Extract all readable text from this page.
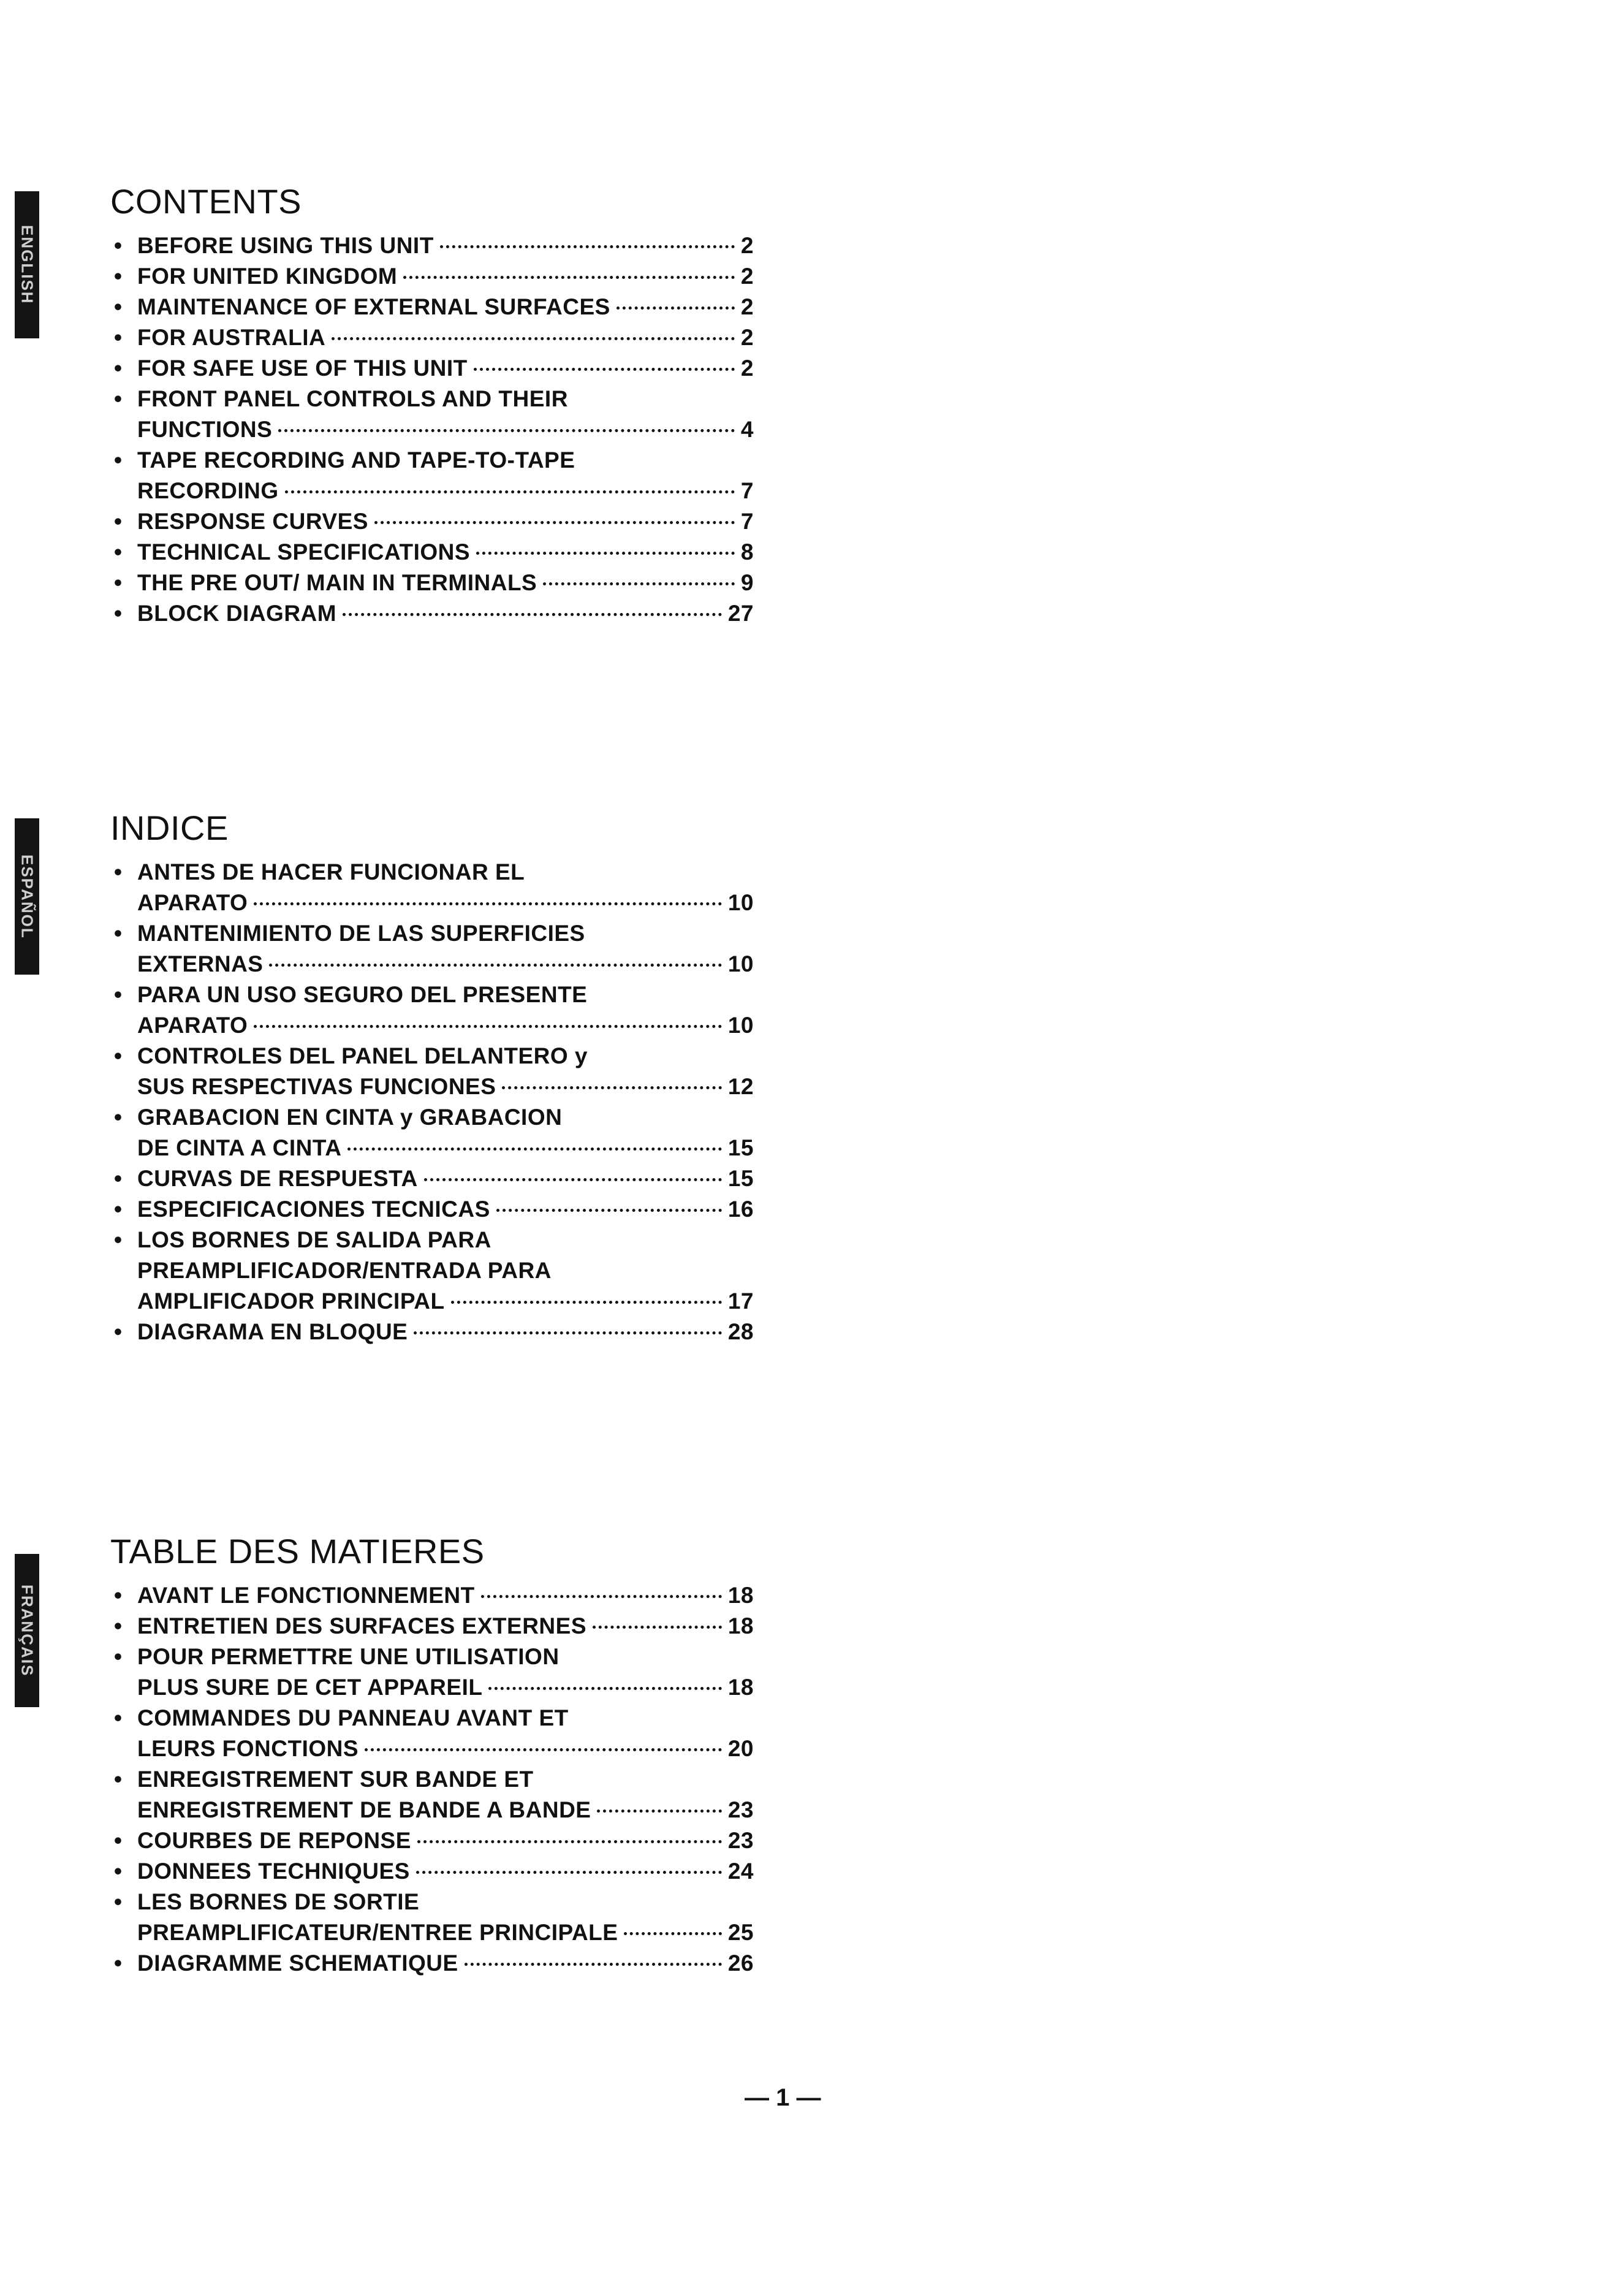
ENGLISH
ESPAÑOL
FRANÇAIS
CONTENTS
• BEFORE USING THIS UNIT	2
• FOR UNITED KINGDOM	2
• MAINTENANCE OF EXTERNAL SURFACES	2
• FOR AUSTRALIA	2
• FOR SAFE USE OF THIS UNIT	2
• FRONT PANEL CONTROLS AND THEIR
FUNCTIONS	4
• TAPE RECORDING AND TAPE-TO-TAPE
RECORDING	7
• RESPONSE CURVES	7
• TECHNICAL SPECIFICATIONS	8
• THE PRE OUT/ MAIN IN TERMINALS	9
• BLOCK DIAGRAM	27
INDICE
• ANTES DE HACER FUNCIONAR EL
APARATO	10
• MANTENIMIENTO DE LAS SUPERFICIES
EXTERNAS	10
• PARA UN USO SEGURO DEL PRESENTE
APARATO	10
• CONTROLES DEL PANEL DELANTERO y
SUS RESPECTIVAS FUNCIONES	12
• GRABACION EN CINTA y GRABACION
DE CINTA A CINTA	15
• CURVAS DE RESPUESTA	15
• ESPECIFICACIONES TECNICAS	16
• LOS BORNES DE SALIDA PARA
PREAMPLIFICADOR/ENTRADA PARA
AMPLIFICADOR PRINCIPAL	17
• DIAGRAMA EN BLOQUE	28
TABLE DES MATIERES
• AVANT LE FONCTIONNEMENT	18
• ENTRETIEN DES SURFACES EXTERNES	18
• POUR PERMETTRE UNE UTILISATION
PLUS SURE DE CET APPAREIL	18
• COMMANDES DU PANNEAU AVANT ET
LEURS FONCTIONS	20
• ENREGISTREMENT SUR BANDE ET
ENREGISTREMENT DE BANDE A BANDE	23
• COURBES DE REPONSE	23
• DONNEES TECHNIQUES	24
• LES BORNES DE SORTIE
PREAMPLIFICATEUR/ENTREE PRINCIPALE	25
• DIAGRAMME SCHEMATIQUE	26
— 1 —
